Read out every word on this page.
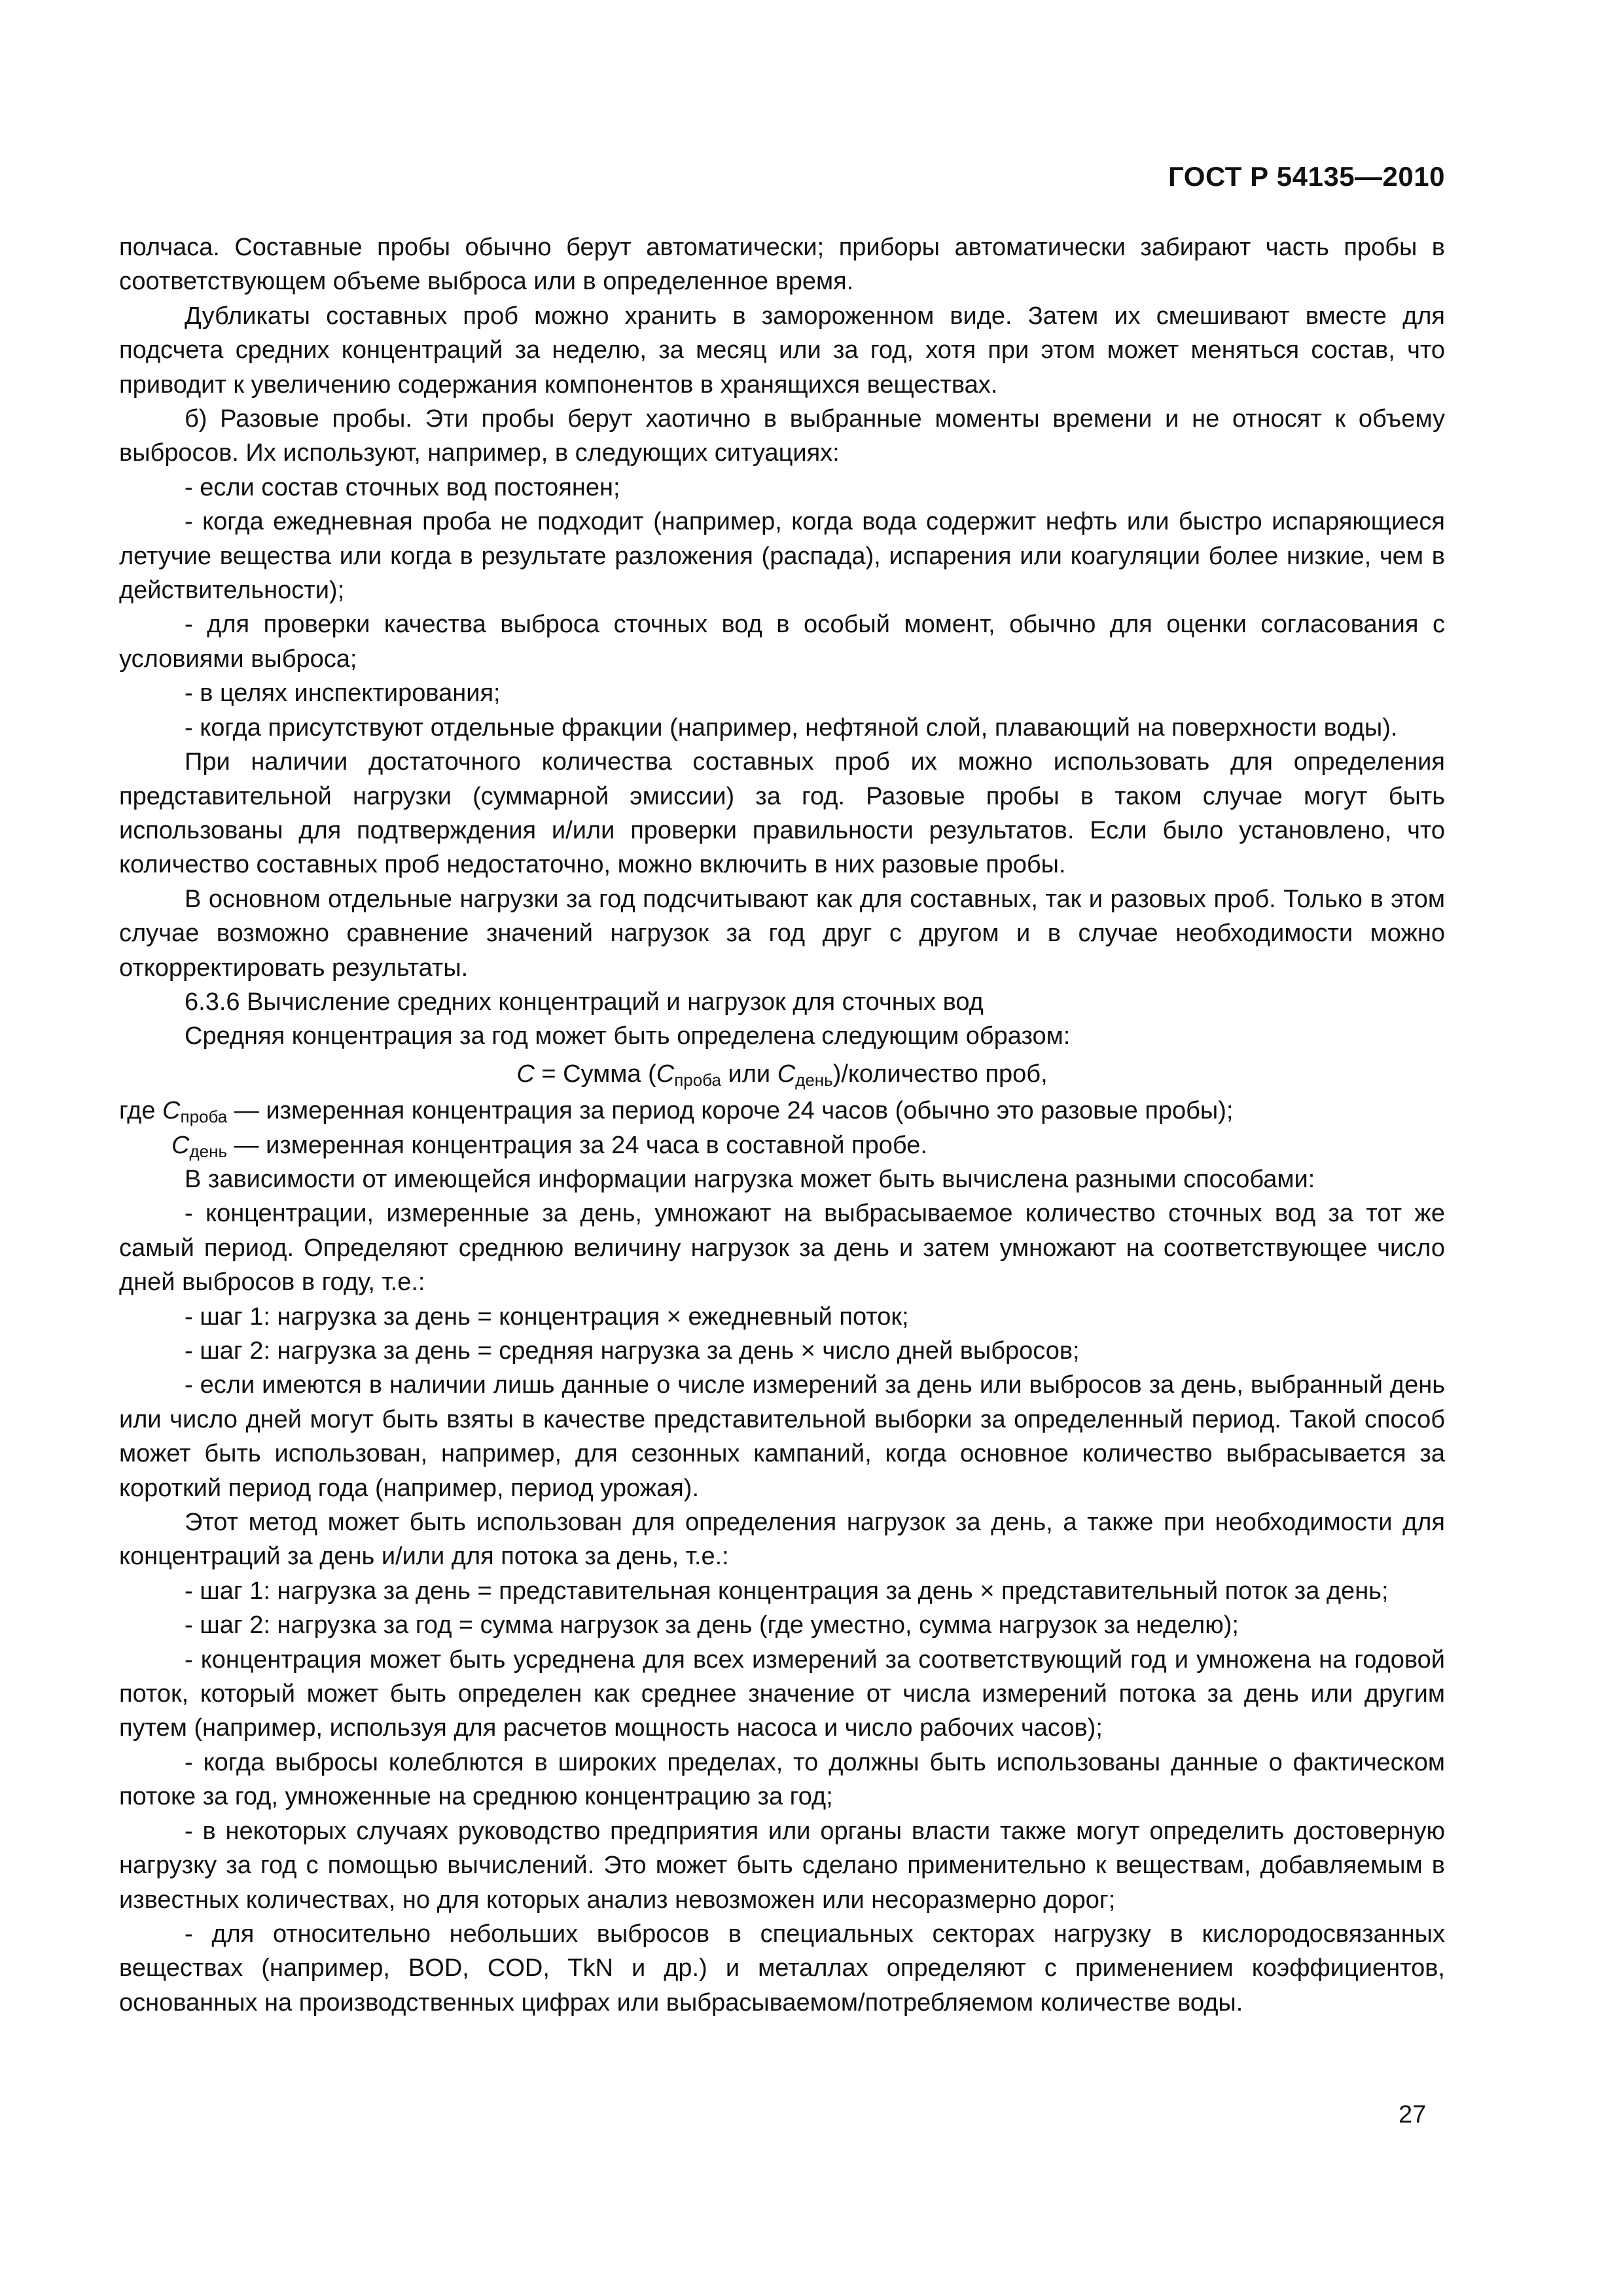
ГОСТ Р 54135—2010

полчаса. Составные пробы обычно берут автоматически; приборы автоматически забирают часть пробы в соответствующем объеме выброса или в определенное время.

Дубликаты составных проб можно хранить в замороженном виде. Затем их смешивают вместе для подсчета средних концентраций за неделю, за месяц или за год, хотя при этом может меняться состав, что приводит к увеличению содержания компонентов в хранящихся веществах.

б) Разовые пробы. Эти пробы берут хаотично в выбранные моменты времени и не относят к объему выбросов. Их используют, например, в следующих ситуациях:

- если состав сточных вод постоянен;

- когда ежедневная проба не подходит (например, когда вода содержит нефть или быстро испаряющиеся летучие вещества или когда в результате разложения (распада), испарения или коагуляции более низкие, чем в действительности);

- для проверки качества выброса сточных вод в особый момент, обычно для оценки согласования с условиями выброса;

- в целях инспектирования;

- когда присутствуют отдельные фракции (например, нефтяной слой, плавающий на поверхности воды).

При наличии достаточного количества составных проб их можно использовать для определения представительной нагрузки (суммарной эмиссии) за год. Разовые пробы в таком случае могут быть использованы для подтверждения и/или проверки правильности результатов. Если было установлено, что количество составных проб недостаточно, можно включить в них разовые пробы.

В основном отдельные нагрузки за год подсчитывают как для составных, так и разовых проб. Только в этом случае возможно сравнение значений нагрузок за год друг с другом и в случае необходимости можно откорректировать результаты.

6.3.6 Вычисление средних концентраций и нагрузок для сточных вод

Средняя концентрация за год может быть определена следующим образом:

C = Сумма ($C_{проба}$ или $C_{день}$)/количество проб,
где $C_{проба}$ — измеренная концентрация за период короче 24 часов (обычно это разовые пробы);
$C_{день}$ — измеренная концентрация за 24 часа в составной пробе.

В зависимости от имеющейся информации нагрузка может быть вычислена разными способами:

- концентрации, измеренные за день, умножают на выбрасываемое количество сточных вод за тот же самый период. Определяют среднюю величину нагрузок за день и затем умножают на соответствующее число дней выбросов в году, т.е.:

- шаг 1: нагрузка за день = концентрация × ежедневный поток;

- шаг 2: нагрузка за день = средняя нагрузка за день × число дней выбросов;

- если имеются в наличии лишь данные о числе измерений за день или выбросов за день, выбранный день или число дней могут быть взяты в качестве представительной выборки за определенный период. Такой способ может быть использован, например, для сезонных кампаний, когда основное количество выбрасывается за короткий период года (например, период урожая).

Этот метод может быть использован для определения нагрузок за день, а также при необходимости для концентраций за день и/или для потока за день, т.е.:

- шаг 1: нагрузка за день = представительная концентрация за день × представительный поток за день;

- шаг 2: нагрузка за год = сумма нагрузок за день (где уместно, сумма нагрузок за неделю);

- концентрация может быть усреднена для всех измерений за соответствующий год и умножена на годовой поток, который может быть определен как среднее значение от числа измерений потока за день или другим путем (например, используя для расчетов мощность насоса и число рабочих часов);

- когда выбросы колеблются в широких пределах, то должны быть использованы данные о фактическом потоке за год, умноженные на среднюю концентрацию за год;

- в некоторых случаях руководство предприятия или органы власти также могут определить достоверную нагрузку за год с помощью вычислений. Это может быть сделано применительно к веществам, добавляемым в известных количествах, но для которых анализ невозможен или несоразмерно дорог;

- для относительно небольших выбросов в специальных секторах нагрузку в кислородосвязанных веществах (например, BOD, COD, TkN и др.) и металлах определяют с применением коэффициентов, основанных на производственных цифрах или выбрасываемом/потребляемом количестве воды.

27
